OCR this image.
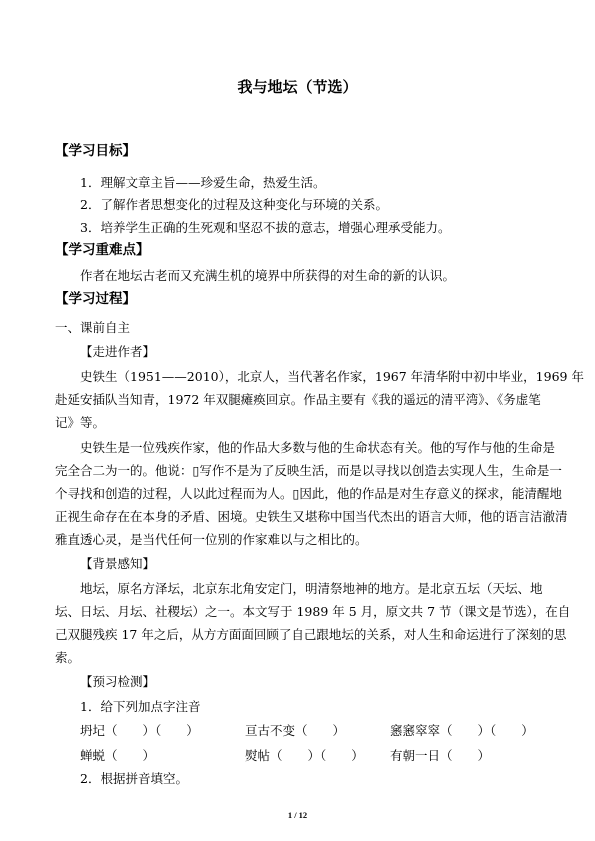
我与地坛（节选）
【学习目标】
1．理解文章主旨——珍爱生命，热爱生活。
2．了解作者思想变化的过程及这种变化与环境的关系。
3．培养学生正确的生死观和坚忍不拔的意志，增强心理承受能力。
【学习重难点】
作者在地坛古老而又充满生机的境界中所获得的对生命的新的认识。
【学习过程】
一、课前自主
【走进作者】
史铁生（1951——2010），北京人，当代著名作家，1967 年清华附中初中毕业，1969 年
赴延安插队当知青，1972 年双腿瘫痪回京。作品主要有《我的遥远的清平湾》、《务虚笔
记》等。
史铁生是一位残疾作家，他的作品大多数与他的生命状态有关。他的写作与他的生命是
完全合二为一的。他说：▯写作不是为了反映生活，而是以寻找以创造去实现人生，生命是一
个寻找和创造的过程，人以此过程而为人。▯因此，他的作品是对生存意义的探求，能清醒地
正视生命存在在本身的矛盾、困境。史铁生又堪称中国当代杰出的语言大师，他的语言洁澈清
雅直透心灵，是当代任何一位别的作家难以与之相比的。
【背景感知】
地坛，原名方泽坛，北京东北角安定门，明清祭地神的地方。是北京五坛（天坛、地
坛、日坛、月坛、社稷坛）之一。本文写于 1989 年 5 月，原文共 7 节（课文是节选），在自
己双腿残疾 17 年之后，从方方面面回顾了自己跟地坛的关系，对人生和命运进行了深刻的思
索。
【预习检测】
1．给下列加点字注音
坍圮（　　）（　　）	亘古不变（　　）	窸窸窣窣（　　）（　　）
蝉蜕（　　）	熨帖（　　）（　　） 有朝一日（　　）
2．根据拼音填空。
1 / 12
